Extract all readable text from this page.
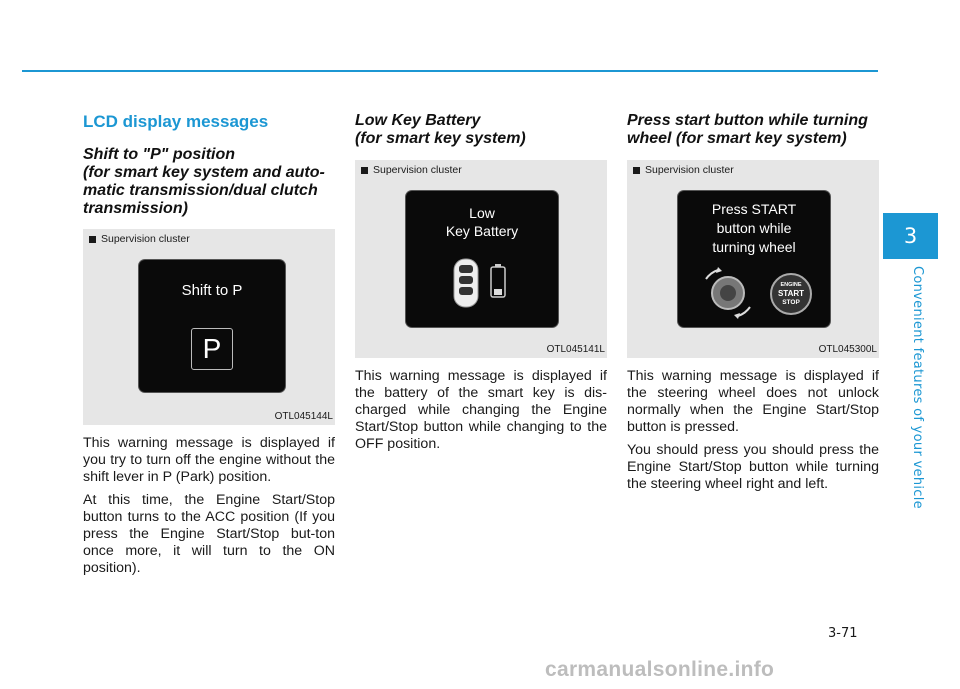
3
Convenient features of your vehicle
LCD display messages
Shift to "P" position
(for smart key system and auto-
matic transmission/dual clutch
transmission)
Supervision cluster
Shift to P
P
OTL045144L

This warning message is displayed if you try to turn off the engine without the shift lever in P (Park) position.

At this time, the Engine Start/Stop button turns to the ACC position (If you press the Engine Start/Stop but-ton once more, it will turn to the ON position).

Low Key Battery
(for smart key system)
Supervision cluster
Low
Key Battery
OTL045141L

This warning message is displayed if the battery of the smart key is dis-charged while changing the Engine Start/Stop button while changing to the OFF position.

Press start button while turning
wheel (for smart key system)
Supervision cluster
Press START
button while
turning wheel
ENGINE
START
STOP
OTL045300L

This warning message is displayed if the steering wheel does not unlock normally when the Engine Start/Stop button is pressed.

You should press you should press the Engine Start/Stop button while turning the steering wheel right and left.

3-71
carmanualsonline.info
